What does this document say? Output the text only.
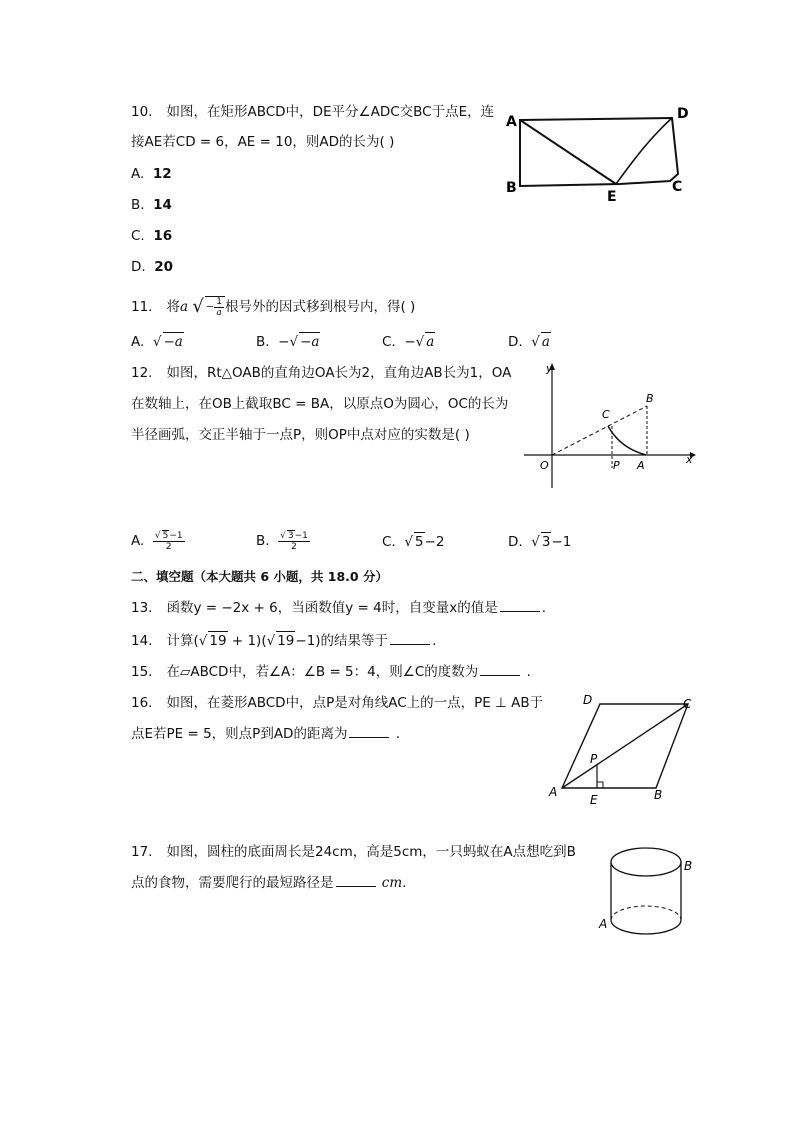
10. 如图，在矩形ABCD中，DE平分∠ADC交BC于点E，连
接AE若CD = 6，AE = 10，则AD的长为( )
A. 12
B. 14
C. 16
D. 20
A	D
B	C
E
11. 将a √ − $\frac{1}{a}$ 根号外的因式移到根号内，得( )
A. √ −a	B. −√ −a	C. −√ a	D. √ a
12. 如图，Rt△OAB的直角边OA长为2，直角边AB长为1，OA
在数轴上，在OB上截取BC = BA，以原点O为圆心，OC的长为
半径画弧，交正半轴于一点P，则OP中点对应的实数是( )
y
x
O	P A
B
C
A. $\frac{√ 5-1}{2}$	B. $\frac{√ 3-1}{2}$	C. √ 5−2	D. √ 3−1
二、填空题（本大题共 6 小题，共 18.0 分）
13. 函数y = −2x + 6，当函数值y = 4时，自变量x的值是	.
14. 计算(√ 19 + 1)(√ 19−1)的结果等于	.
15. 在▱ABCD中，若∠A：∠B = 5：4，则∠C的度数为	.
16. 如图，在菱形ABCD中，点P是对角线AC上的一点，PE ⊥ AB于
点E若PE = 5，则点P到AD的距离为	.
A	B
C
D
P
E
17. 如图，圆柱的底面周长是24cm，高是5cm，一只蚂蚁在A点想吃到B
点的食物，需要爬行的最短路径是	cm.
B
A
